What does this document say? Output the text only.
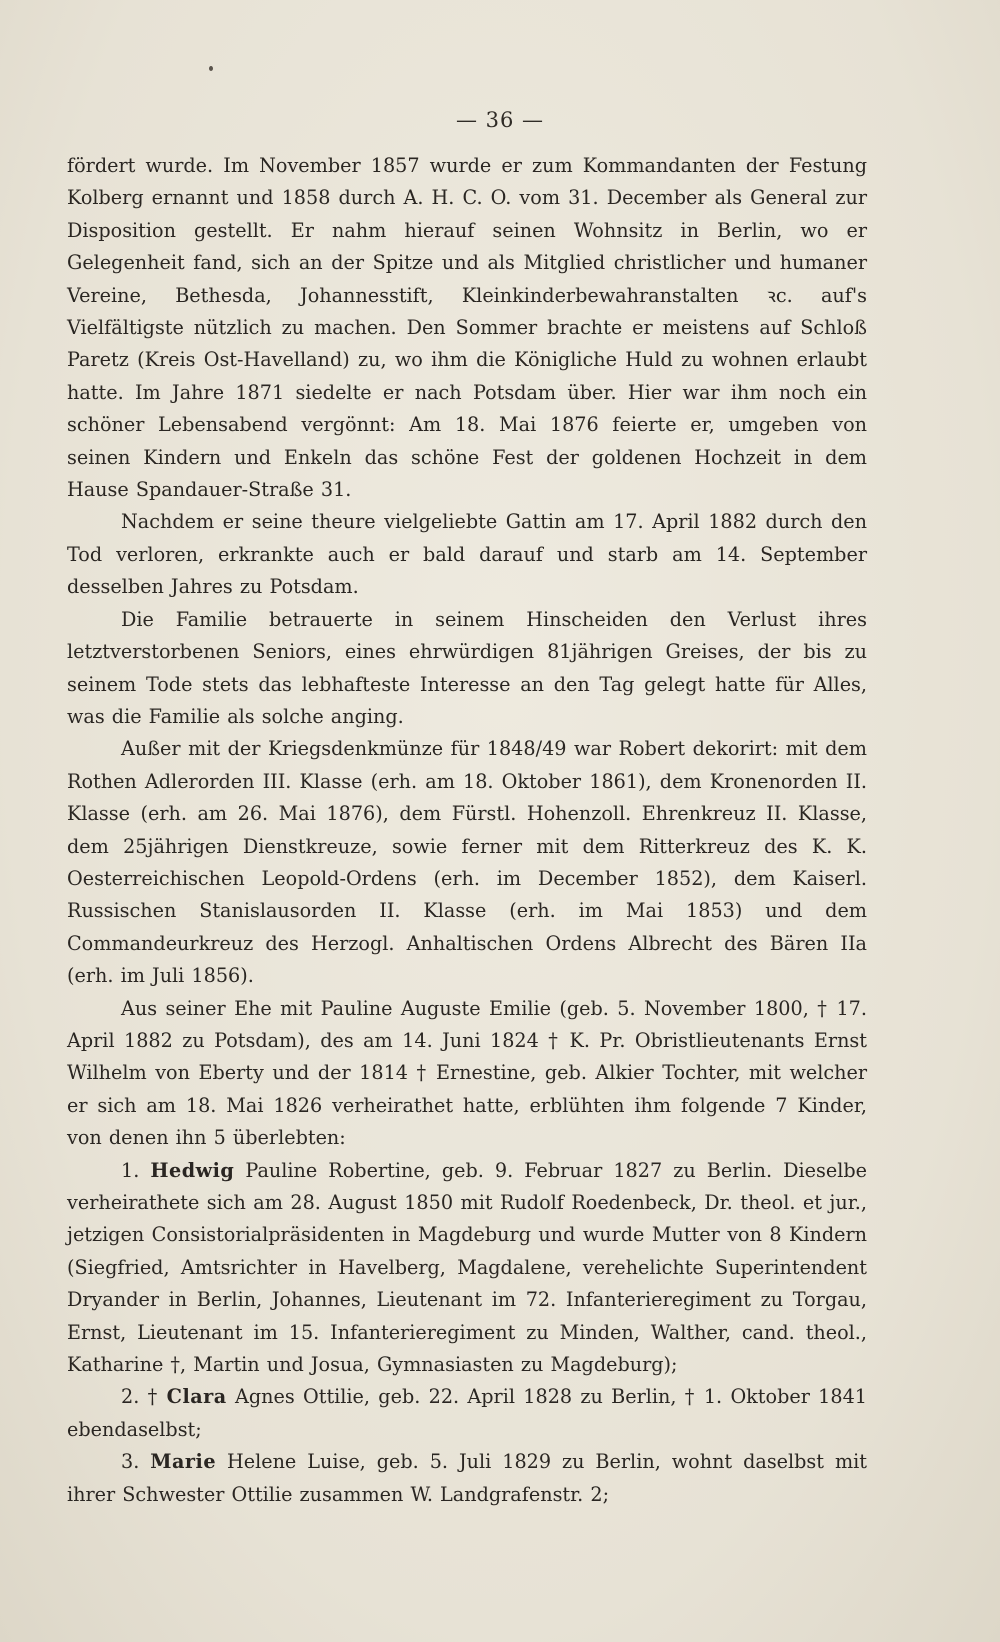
— 36 —

fördert wurde. Im November 1857 wurde er zum Kommandanten der Festung Kolberg ernannt und 1858 durch A. H. C. O. vom 31. December als General zur Disposition gestellt. Er nahm hierauf seinen Wohnsitz in Berlin, wo er Gelegenheit fand, sich an der Spitze und als Mitglied christlicher und humaner Vereine, Bethesda, Johannesstift, Kleinkinderbewahranstalten ꝛc. auf's Vielfältigste nützlich zu machen. Den Sommer brachte er meistens auf Schloß Paretz (Kreis Ost-Havelland) zu, wo ihm die Königliche Huld zu wohnen erlaubt hatte. Im Jahre 1871 siedelte er nach Potsdam über. Hier war ihm noch ein schöner Lebensabend vergönnt: Am 18. Mai 1876 feierte er, umgeben von seinen Kindern und Enkeln das schöne Fest der goldenen Hochzeit in dem Hause Spandauer-Straße 31.

Nachdem er seine theure vielgeliebte Gattin am 17. April 1882 durch den Tod verloren, erkrankte auch er bald darauf und starb am 14. September desselben Jahres zu Potsdam.

Die Familie betrauerte in seinem Hinscheiden den Verlust ihres letztverstorbenen Seniors, eines ehrwürdigen 81jährigen Greises, der bis zu seinem Tode stets das lebhafteste Interesse an den Tag gelegt hatte für Alles, was die Familie als solche anging.

Außer mit der Kriegsdenkmünze für 1848/49 war Robert dekorirt: mit dem Rothen Adlerorden III. Klasse (erh. am 18. Oktober 1861), dem Kronenorden II. Klasse (erh. am 26. Mai 1876), dem Fürstl. Hohenzoll. Ehrenkreuz II. Klasse, dem 25jährigen Dienstkreuze, sowie ferner mit dem Ritterkreuz des K. K. Oesterreichischen Leopold-Ordens (erh. im December 1852), dem Kaiserl. Russischen Stanislausorden II. Klasse (erh. im Mai 1853) und dem Commandeurkreuz des Herzogl. Anhaltischen Ordens Albrecht des Bären IIa (erh. im Juli 1856).

Aus seiner Ehe mit Pauline Auguste Emilie (geb. 5. November 1800, † 17. April 1882 zu Potsdam), des am 14. Juni 1824 † K. Pr. Obristlieutenants Ernst Wilhelm von Eberty und der 1814 † Ernestine, geb. Alkier Tochter, mit welcher er sich am 18. Mai 1826 verheirathet hatte, erblühten ihm folgende 7 Kinder, von denen ihn 5 überlebten:

1. Hedwig Pauline Robertine, geb. 9. Februar 1827 zu Berlin. Dieselbe verheirathete sich am 28. August 1850 mit Rudolf Roedenbeck, Dr. theol. et jur., jetzigen Consistorialpräsidenten in Magdeburg und wurde Mutter von 8 Kindern (Siegfried, Amtsrichter in Havelberg, Magdalene, verehelichte Superintendent Dryander in Berlin, Johannes, Lieutenant im 72. Infanterieregiment zu Torgau, Ernst, Lieutenant im 15. Infanterieregiment zu Minden, Walther, cand. theol., Katharine †, Martin und Josua, Gymnasiasten zu Magdeburg);

2. † Clara Agnes Ottilie, geb. 22. April 1828 zu Berlin, † 1. Oktober 1841 ebendaselbst;

3. Marie Helene Luise, geb. 5. Juli 1829 zu Berlin, wohnt daselbst mit ihrer Schwester Ottilie zusammen W. Landgrafenstr. 2;
